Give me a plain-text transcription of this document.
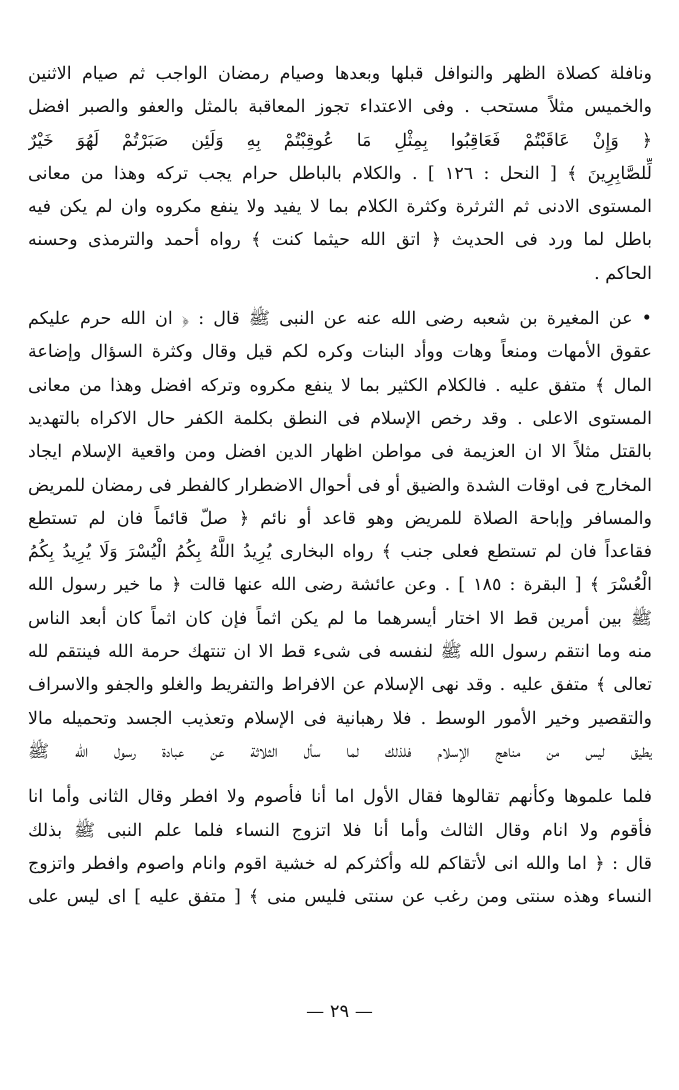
ونافلة كصلاة الظهر والنوافل قبلها وبعدها وصيام رمضان الواجب ثم صيام الاثنين
والخميس مثلاً مستحب . وفى الاعتداء تجوز المعاقبة بالمثل والعفو والصبر افضل
﴿ وَإِنْ عَاقَبْتُمْ فَعَاقِبُوا بِمِثْلِ مَا عُوقِبْتُمْ بِهِ وَلَئِن صَبَرْتُمْ لَهُوَ خَيْرٌ
لِّلصَّابِرِينَ ﴾ [ النحل : ١٢٦ ] . والكلام بالباطل حرام يجب تركه وهذا من معانى
المستوى الادنى ثم الثرثرة وكثرة الكلام بما لا يفيد ولا ينفع مكروه وان لم يكن فيه
باطل لما ورد فى الحديث ﴿ اتق الله حيثما كنت ﴾ رواه أحمد والترمذى وحسنه
الحاكم .
• عن المغيرة بن شعبه رضى الله عنه عن النبى ﷺ قال : ﴿ ان الله حرم عليكم
عقوق الأمهات ومنعاً وهات ووأد البنات وكره لكم قيل وقال وكثرة السؤال وإضاعة
المال ﴾ متفق عليه . فالكلام الكثير بما لا ينفع مكروه وتركه افضل وهذا من معانى
المستوى الاعلى . وقد رخص الإسلام فى النطق بكلمة الكفر حال الاكراه بالتهديد
بالقتل مثلاً الا ان العزيمة فى مواطن اظهار الدين افضل ومن واقعية الإسلام ايجاد
المخارج فى اوقات الشدة والضيق أو فى أحوال الاضطرار كالفطر فى رمضان للمريض
والمسافر وإباحة الصلاة للمريض وهو قاعد أو نائم ﴿ صلّ قائماً فان لم تستطع
فقاعداً فان لم تستطع فعلى جنب ﴾ رواه البخارى يُرِيدُ اللَّهُ بِكُمُ الْيُسْرَ وَلَا يُرِيدُ بِكُمُ
الْعُسْرَ ﴾ [ البقرة : ١٨٥ ] . وعن عائشة رضى الله عنها قالت ﴿ ما خير رسول الله
ﷺ بين أمرين قط الا اختار أيسرهما ما لم يكن اثماً فإن كان اثماً كان أبعد الناس
منه وما انتقم رسول الله ﷺ لنفسه فى شىء قط الا ان تنتهك حرمة الله فينتقم لله
تعالى ﴾ متفق عليه . وقد نهى الإسلام عن الافراط والتفريط والغلو والجفو والاسراف
والتقصير وخير الأمور الوسط . فلا رهبانية فى الإسلام وتعذيب الجسد وتحميله مالا
يطيق ليس من مناهج الإسلام فلذلك لما سأل الثلاثة عن عبادة رسول الله ﷺ
فلما علموها وكأنهم تقالوها فقال الأول اما أنا فأصوم ولا افطر وقال الثانى وأما انا
فأقوم ولا انام وقال الثالث وأما أنا فلا اتزوج النساء فلما علم النبى ﷺ بذلك
قال : ﴿ اما والله انى لأتقاكم لله وأكثركم له خشية اقوم وانام واصوم وافطر واتزوج
النساء وهذه سنتى ومن رغب عن سنتى فليس منى ﴾ [ متفق عليه ] اى ليس على
— ٢٩ —
